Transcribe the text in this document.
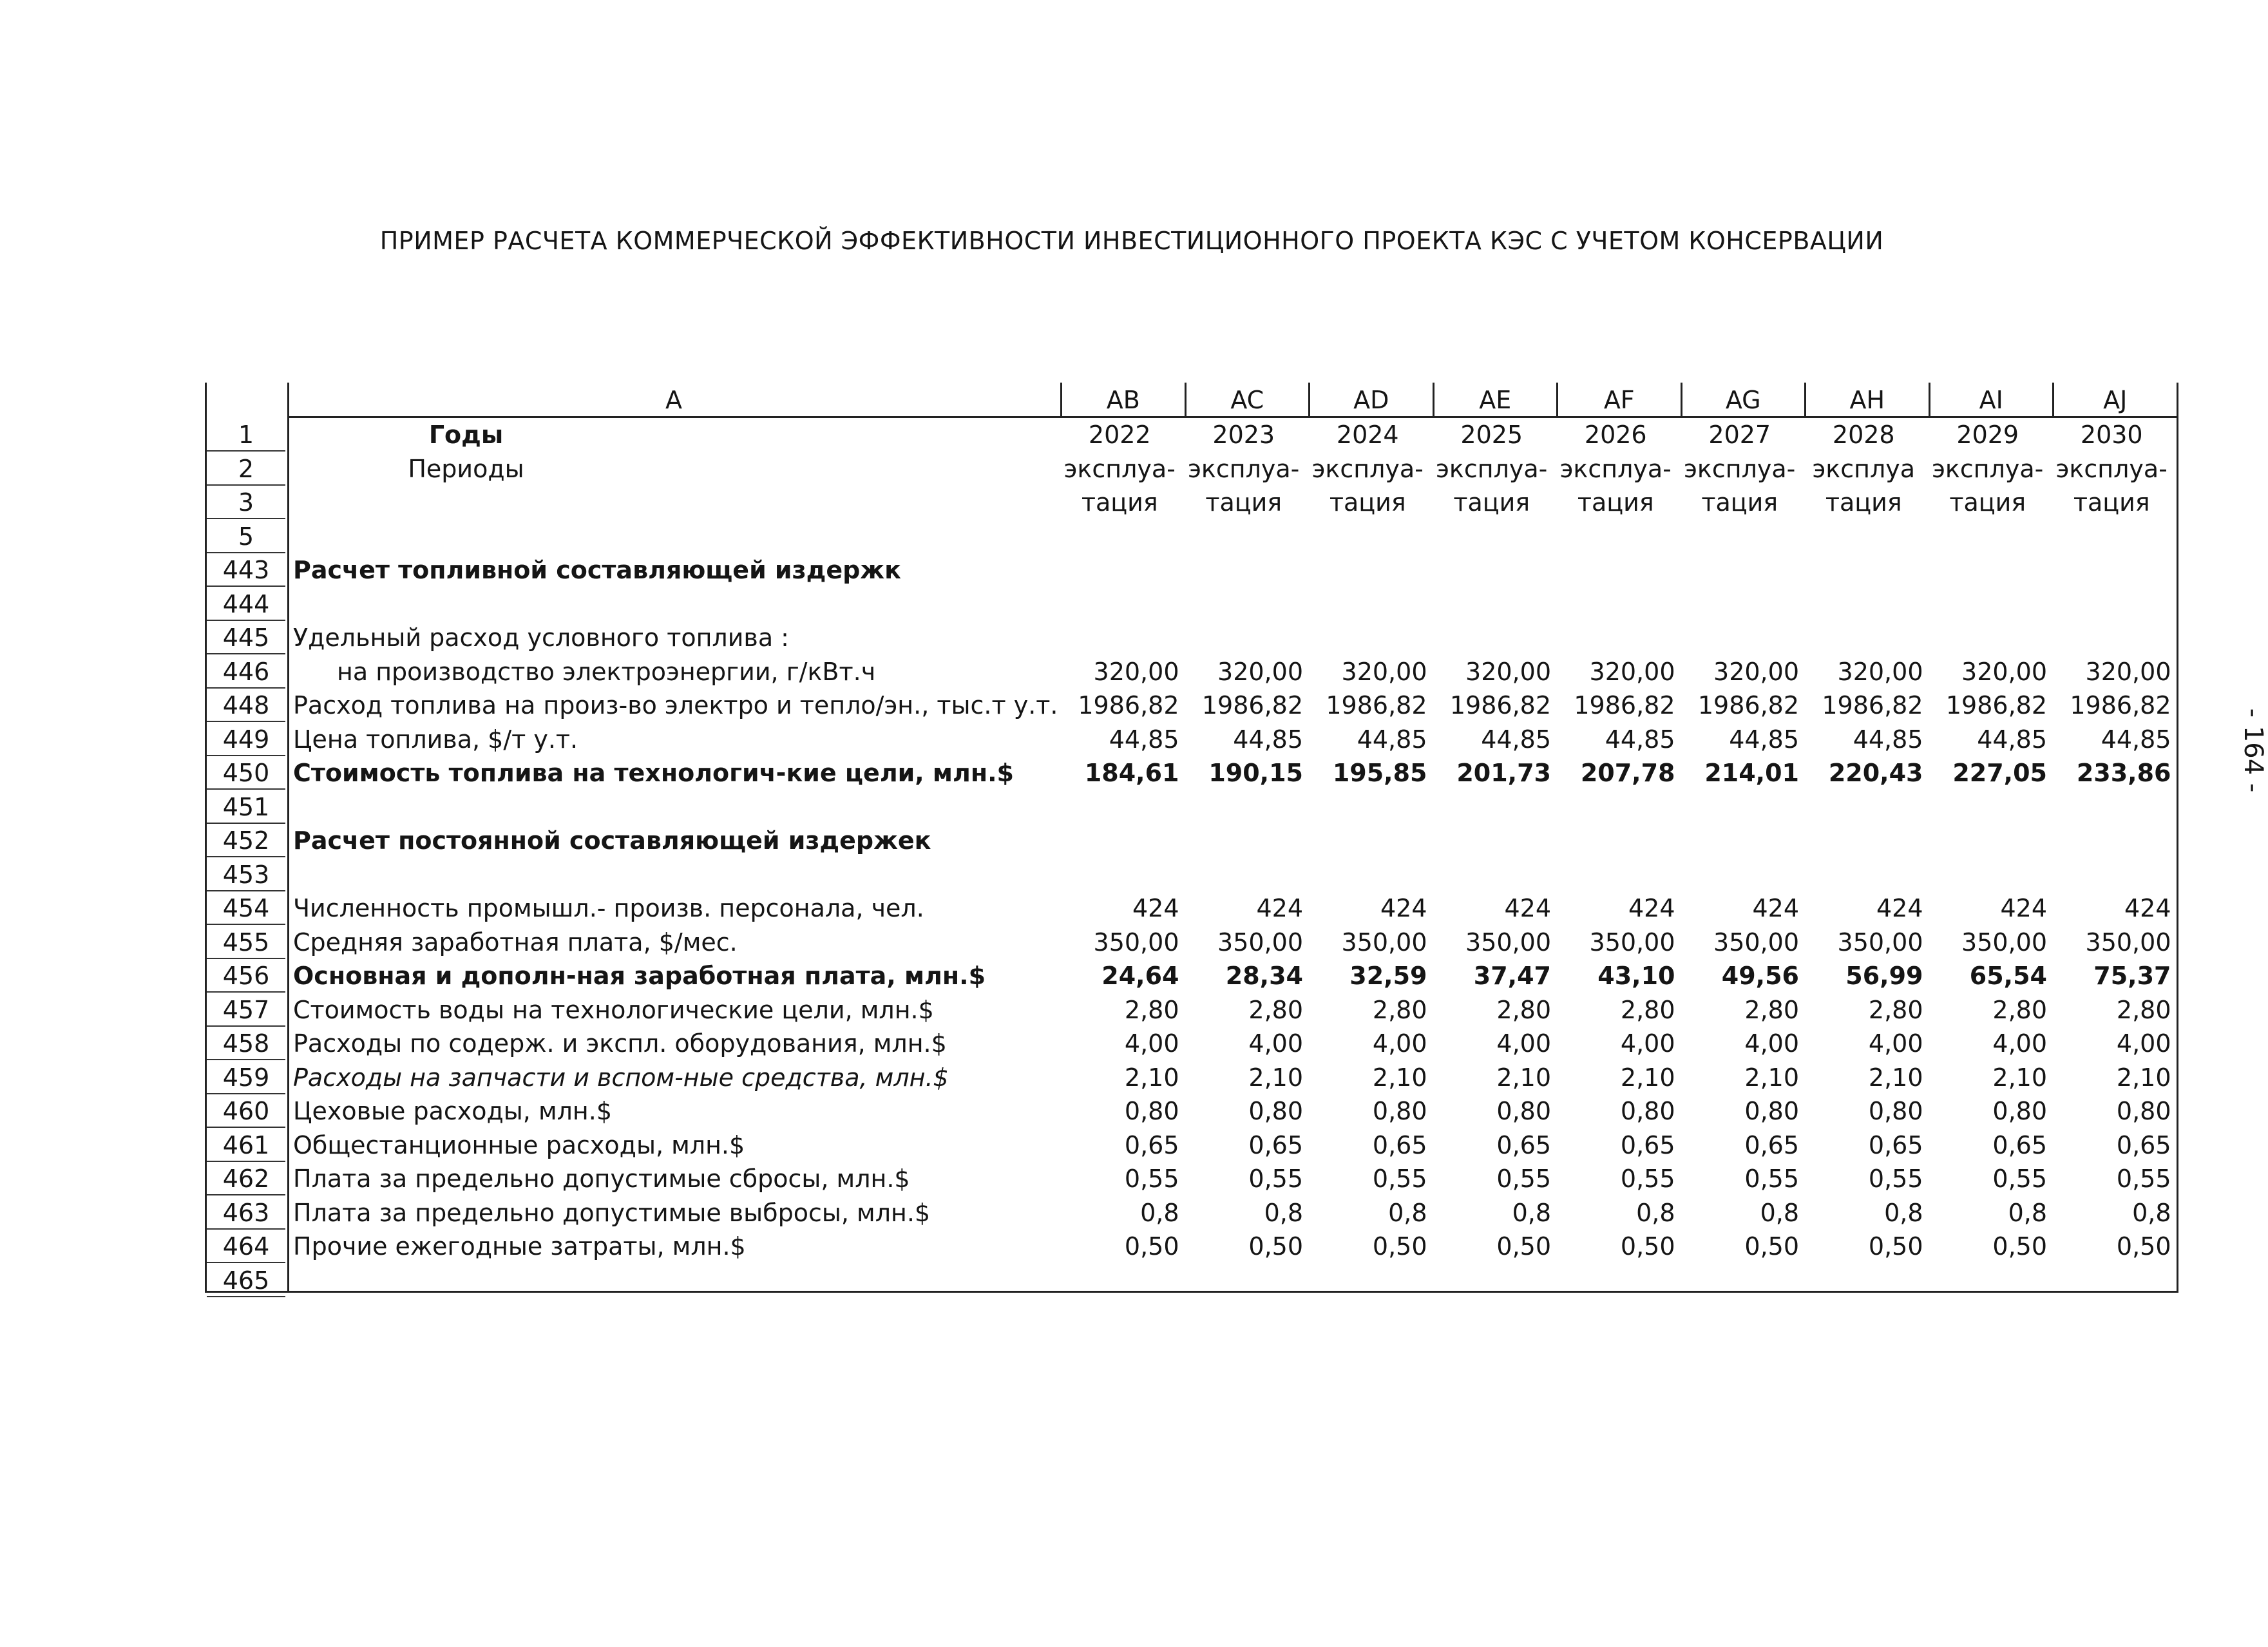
ПРИМЕР РАСЧЕТА КОММЕРЧЕСКОЙ ЭФФЕКТИВНОСТИ ИНВЕСТИЦИОННОГО ПРОЕКТА КЭС С УЧЕТОМ КОНСЕРВАЦИИ
- 164 -
A	AB	AC	AD	AE	AF	AG	AH	AI	AJ
1	Годы	2022	2023	2024	2025	2026	2027	2028	2029	2030
2	Периоды	эксплуа- эксплуа- эксплуа- эксплуа- эксплуа- эксплуа- эксплуа эксплуа- эксплуа-
3	тация	тация	тация	тация	тация	тация	тация	тация	тация
5
443 Расчет топливной составляющей издержк
444
445 Удельный расход условного топлива :
446	на производство электроэнергии, г/кВт.ч	320,00	320,00	320,00	320,00	320,00	320,00	320,00	320,00	320,00
448 Расход топлива на произ-во электро и тепло/эн., тыс.т у.т. 1986,82 1986,82 1986,82 1986,82 1986,82 1986,82 1986,82 1986,82 1986,82
449 Цена топлива, $/т у.т.	44,85	44,85	44,85	44,85	44,85	44,85	44,85	44,85	44,85
450 Стоимость топлива на технологич-кие цели, млн.$	184,61	190,15	195,85	201,73	207,78	214,01	220,43	227,05	233,86
451
452 Расчет постоянной составляющей издержек
453
454 Численность промышл.- произв. персонала, чел.	424	424	424	424	424	424	424	424	424
455 Средняя заработная плата, $/мес.	350,00	350,00	350,00	350,00	350,00	350,00	350,00	350,00	350,00
456 Основная и дополн-ная заработная плата, млн.$	24,64	28,34	32,59	37,47	43,10	49,56	56,99	65,54	75,37
457 Стоимость воды на технологические цели, млн.$	2,80	2,80	2,80	2,80	2,80	2,80	2,80	2,80	2,80
458 Расходы по содерж. и экспл. оборудования, млн.$	4,00	4,00	4,00	4,00	4,00	4,00	4,00	4,00	4,00
459 Расходы на запчасти и вспом-ные средства, млн.$	2,10	2,10	2,10	2,10	2,10	2,10	2,10	2,10	2,10
460 Цеховые расходы, млн.$	0,80	0,80	0,80	0,80	0,80	0,80	0,80	0,80	0,80
461 Общестанционные расходы, млн.$	0,65	0,65	0,65	0,65	0,65	0,65	0,65	0,65	0,65
462 Плата за предельно допустимые сбросы, млн.$	0,55	0,55	0,55	0,55	0,55	0,55	0,55	0,55	0,55
463 Плата за предельно допустимые выбросы, млн.$	0,8	0,8	0,8	0,8	0,8	0,8	0,8	0,8	0,8
464 Прочие ежегодные затраты, млн.$	0,50	0,50	0,50	0,50	0,50	0,50	0,50	0,50	0,50
465
